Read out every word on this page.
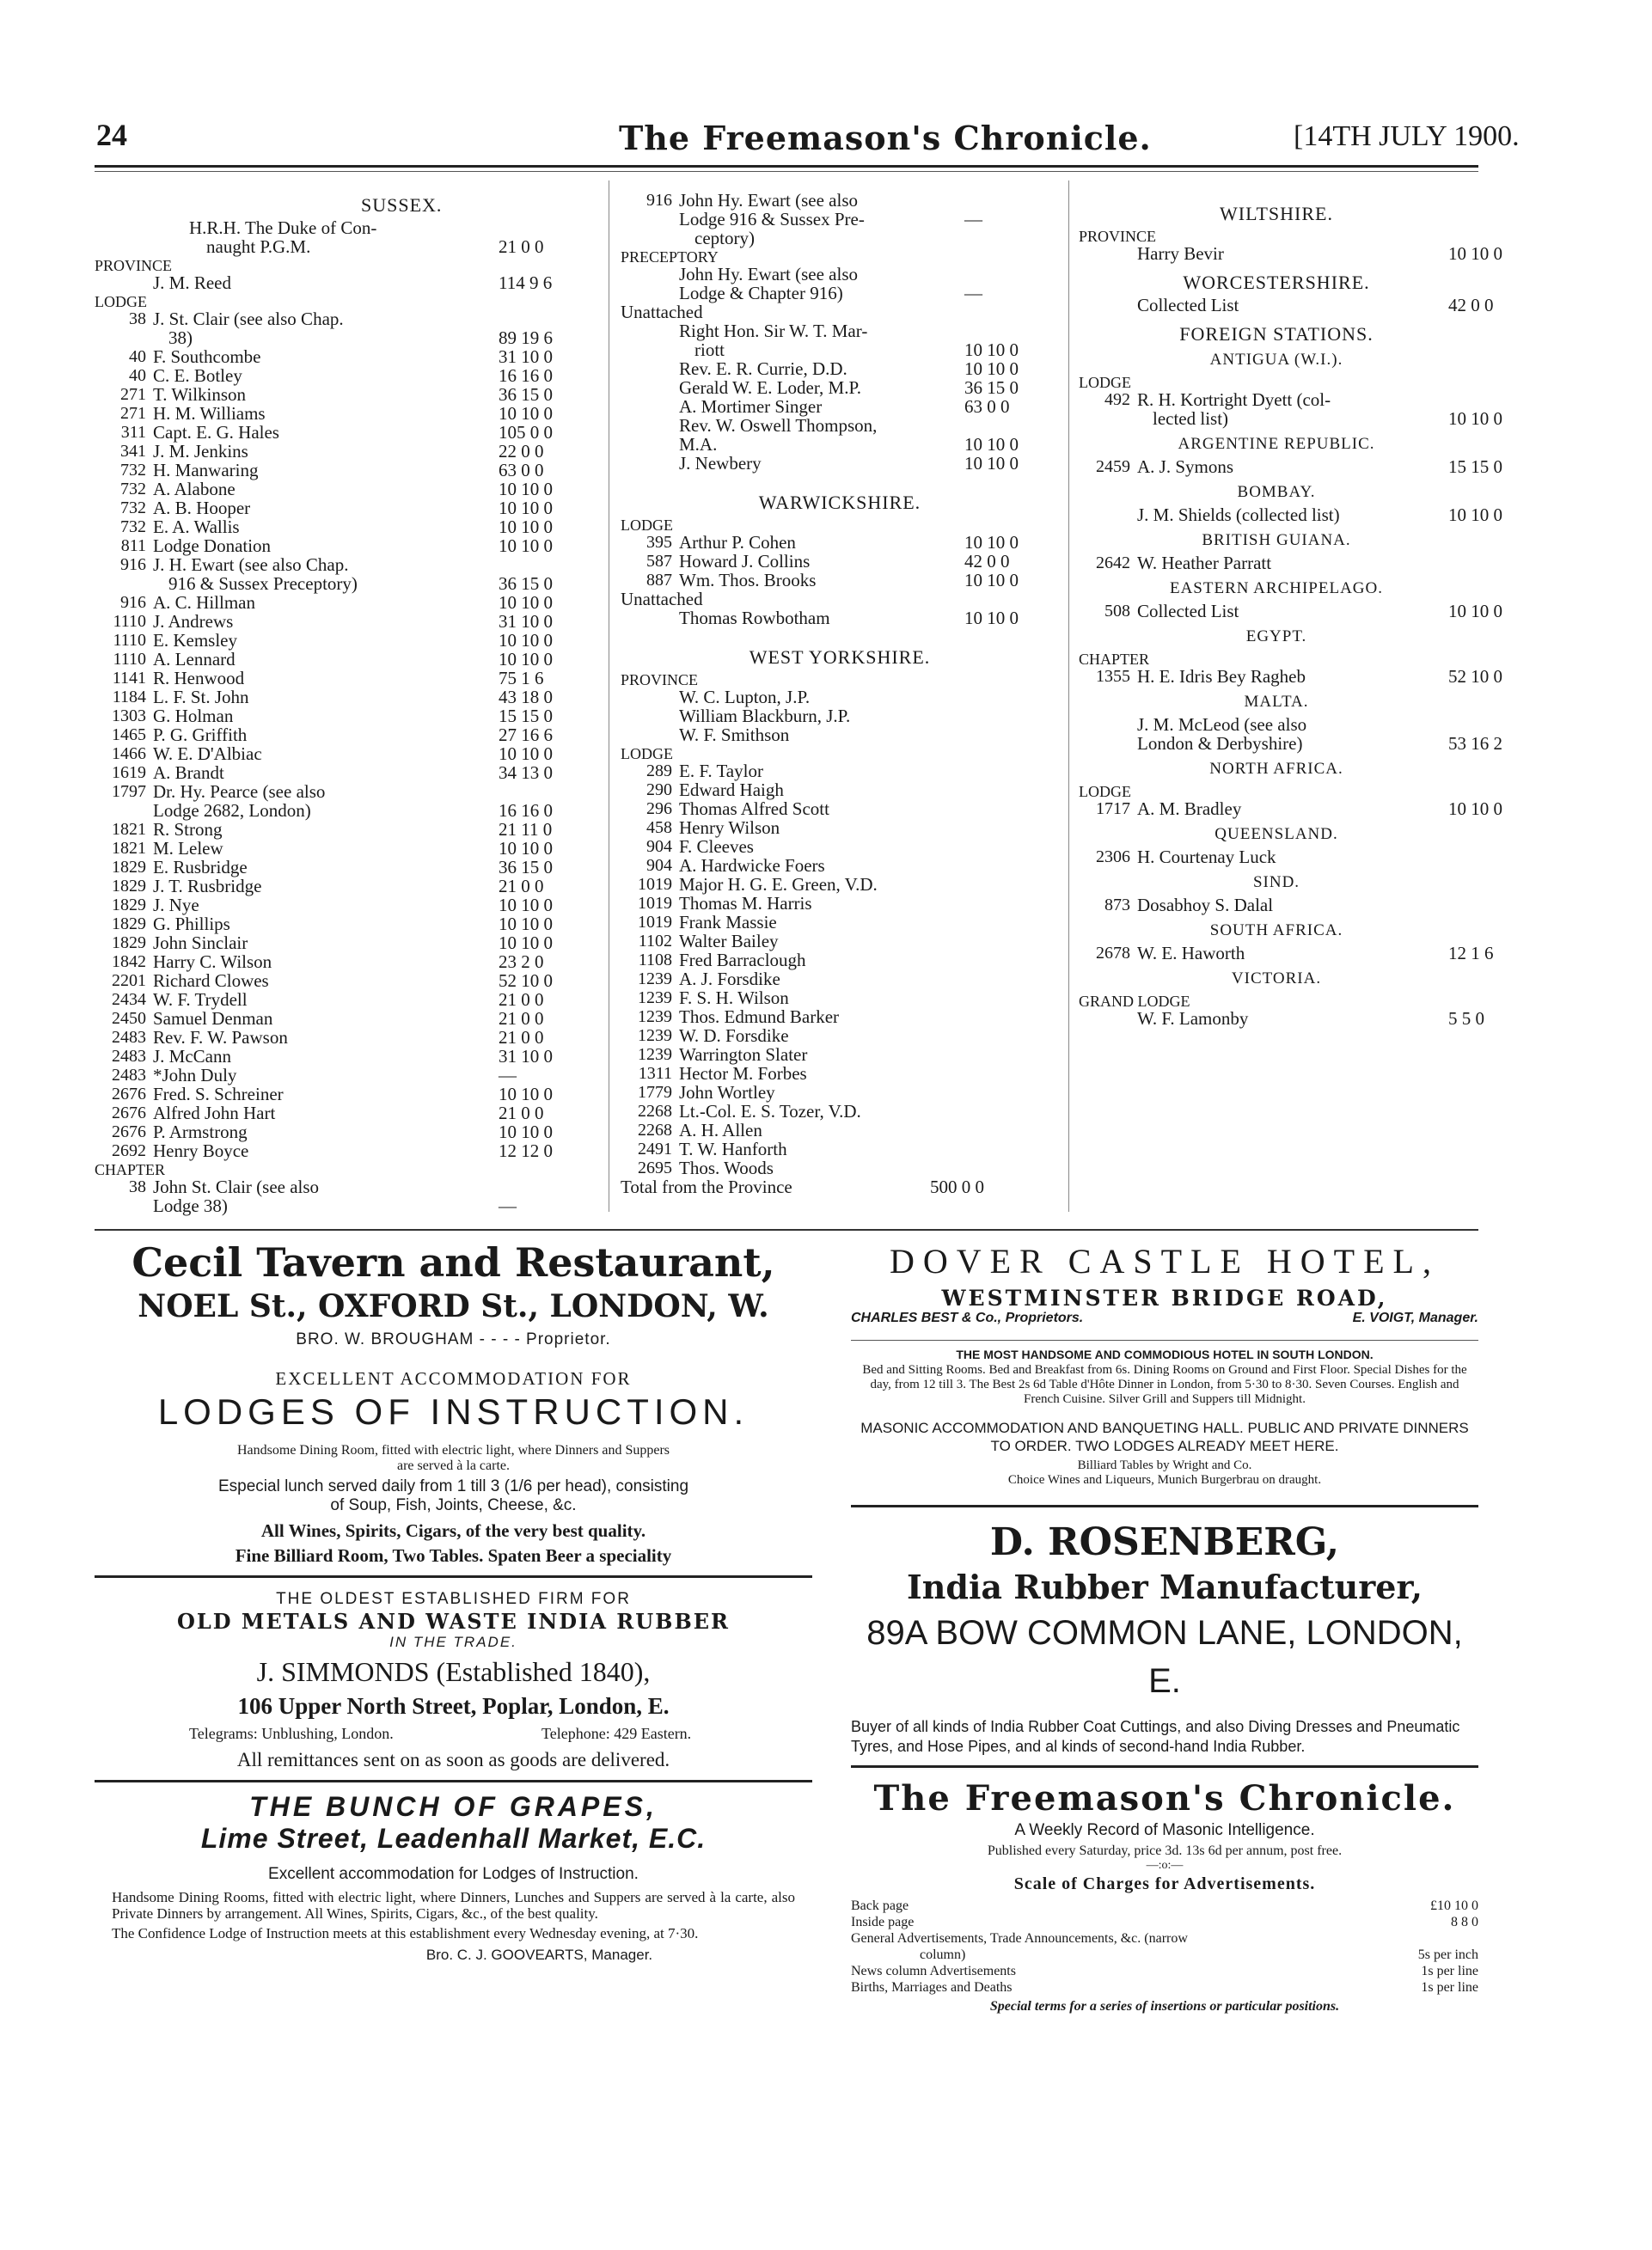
24	The Freemason's Chronicle.	[14TH JULY 1900.
SUSSEX.
H.R.H. The Duke of Con-
naught P.G.M.	21 0 0
PROVINCE
J. M. Reed	114 9 6
LODGE
38 J. St. Clair (see also Chap.
38)	89 19 6
40 F. Southcombe	31 10 0
40 C. E. Botley	16 16 0
271 T. Wilkinson	36 15 0
271 H. M. Williams	10 10 0
311 Capt. E. G. Hales	105 0 0
341 J. M. Jenkins	22 0 0
732 H. Manwaring	63 0 0
732 A. Alabone	10 10 0
732 A. B. Hooper	10 10 0
732 E. A. Wallis	10 10 0
811 Lodge Donation	10 10 0
916 J. H. Ewart (see also Chap.
916 & Sussex Preceptory)	36 15 0
916 A. C. Hillman	10 10 0
1110 J. Andrews	31 10 0
1110 E. Kemsley	10 10 0
1110 A. Lennard	10 10 0
1141 R. Henwood	75 1 6
1184 L. F. St. John	43 18 0
1303 G. Holman	15 15 0
1465 P. G. Griffith	27 16 6
1466 W. E. D'Albiac	10 10 0
1619 A. Brandt	34 13 0
1797 Dr. Hy. Pearce (see also
Lodge 2682, London)	16 16 0
1821 R. Strong	21 11 0
1821 M. Lelew	10 10 0
1829 E. Rusbridge	36 15 0
1829 J. T. Rusbridge	21 0 0
1829 J. Nye	10 10 0
1829 G. Phillips	10 10 0
1829 John Sinclair	10 10 0
1842 Harry C. Wilson	23 2 0
2201 Richard Clowes	52 10 0
2434 W. F. Trydell	21 0 0
2450 Samuel Denman	21 0 0
2483 Rev. F. W. Pawson	21 0 0
2483 J. McCann	31 10 0
2483 *John Duly	—
2676 Fred. S. Schreiner	10 10 0
2676 Alfred John Hart	21 0 0
2676 P. Armstrong	10 10 0
2692 Henry Boyce	12 12 0
CHAPTER
38 John St. Clair (see also
Lodge 38)	—
916 John Hy. Ewart (see also
Lodge 916 & Sussex Pre-	—
ceptory)
PRECEPTORY
John Hy. Ewart (see also
Lodge & Chapter 916)	—
Unattached
Right Hon. Sir W. T. Mar-
riott	10 10 0
Rev. E. R. Currie, D.D.	10 10 0
Gerald W. E. Loder, M.P.	36 15 0
A. Mortimer Singer	63 0 0
Rev. W. Oswell Thompson,
M.A.	10 10 0
J. Newbery	10 10 0
WARWICKSHIRE.
LODGE
395 Arthur P. Cohen	10 10 0
587 Howard J. Collins	42 0 0
887 Wm. Thos. Brooks	10 10 0
Unattached
Thomas Rowbotham	10 10 0
WEST YORKSHIRE.
PROVINCE
W. C. Lupton, J.P.
William Blackburn, J.P.
W. F. Smithson
LODGE
289 E. F. Taylor
290 Edward Haigh
296 Thomas Alfred Scott
458 Henry Wilson
904 F. Cleeves
904 A. Hardwicke Foers
1019 Major H. G. E. Green, V.D.
1019 Thomas M. Harris
1019 Frank Massie
1102 Walter Bailey
1108 Fred Barraclough
1239 A. J. Forsdike
1239 F. S. H. Wilson
1239 Thos. Edmund Barker
1239 W. D. Forsdike
1239 Warrington Slater
1311 Hector M. Forbes
1779 John Wortley
2268 Lt.-Col. E. S. Tozer, V.D.
2268 A. H. Allen
2491 T. W. Hanforth
2695 Thos. Woods
Total from the Province	500 0 0
WILTSHIRE.
PROVINCE
Harry Bevir	10 10 0
WORCESTERSHIRE.
Collected List	42 0 0
FOREIGN STATIONS.
ANTIGUA (W.I.).
LODGE
492 R. H. Kortright Dyett (col-
lected list)	10 10 0
ARGENTINE REPUBLIC.
2459 A. J. Symons	15 15 0
BOMBAY.
J. M. Shields (collected list)	10 10 0
BRITISH GUIANA.
2642 W. Heather Parratt
EASTERN ARCHIPELAGO.
508 Collected List	10 10 0
EGYPT.
CHAPTER
1355 H. E. Idris Bey Ragheb	52 10 0
MALTA.
J. M. McLeod (see also
London & Derbyshire)	53 16 2
NORTH AFRICA.
LODGE
1717 A. M. Bradley	10 10 0
QUEENSLAND.
2306 H. Courtenay Luck
SIND.
873 Dosabhoy S. Dalal
SOUTH AFRICA.
2678 W. E. Haworth	12 1 6
VICTORIA.
GRAND LODGE
W. F. Lamonby	5 5 0
Cecil Tavern and Restaurant,
NOEL St., OXFORD St., LONDON, W.
BRO. W. BROUGHAM - - - - Proprietor.
EXCELLENT ACCOMMODATION FOR
LODGES OF INSTRUCTION.
Handsome Dining Room, fitted with electric light, where Dinners and Suppers
are served à la carte.
Especial lunch served daily from 1 till 3 (1/6 per head), consisting
of Soup, Fish, Joints, Cheese, &c.
All Wines, Spirits, Cigars, of the very best quality.
Fine Billiard Room, Two Tables. Spaten Beer a speciality
THE OLDEST ESTABLISHED FIRM FOR
OLD METALS AND WASTE INDIA RUBBER
IN THE TRADE.
J. SIMMONDS (Established 1840),
106 Upper North Street, Poplar, London, E.
Telegrams: Unblushing, London.	Telephone: 429 Eastern.
All remittances sent on as soon as goods are delivered.
THE BUNCH OF GRAPES,
Lime Street, Leadenhall Market, E.C.
Excellent accommodation for Lodges of Instruction.
Handsome Dining Rooms, fitted with electric light, where Dinners, Lunches and Suppers are served à la carte, also Private Dinners by arrangement. All Wines, Spirits, Cigars, &c., of the best quality.
The Confidence Lodge of Instruction meets at this establishment every Wednesday evening, at 7·30.
Bro. C. J. GOOVEARTS, Manager.
DOVER CASTLE HOTEL,
WESTMINSTER BRIDGE ROAD,
CHARLES BEST & Co., Proprietors.	E. VOIGT, Manager.
THE MOST HANDSOME AND COMMODIOUS HOTEL IN SOUTH LONDON.
Bed and Sitting Rooms. Bed and Breakfast from 6s. Dining Rooms on Ground and First Floor. Special Dishes for the day, from 12 till 3. The Best 2s 6d Table d'Hôte Dinner in London, from 5·30 to 8·30. Seven Courses. English and French Cuisine. Silver Grill and Suppers till Midnight.
MASONIC ACCOMMODATION AND BANQUETING HALL. PUBLIC AND PRIVATE DINNERS TO ORDER. TWO LODGES ALREADY MEET HERE.
Billiard Tables by Wright and Co.
Choice Wines and Liqueurs, Munich Burgerbrau on draught.
D. ROSENBERG,
India Rubber Manufacturer,
89A BOW COMMON LANE, LONDON, E.
Buyer of all kinds of India Rubber Coat Cuttings, and also Diving Dresses and Pneumatic Tyres, and Hose Pipes, and al kinds of second-hand India Rubber.
The Freemason's Chronicle.
A Weekly Record of Masonic Intelligence.
Published every Saturday, price 3d. 13s 6d per annum, post free.
—:o:—
Scale of Charges for Advertisements.
Back page	£10 10 0
Inside page	8 8 0
General Advertisements, Trade Announcements, &c. (narrow
column)	5s per inch
News column Advertisements	1s per line
Births, Marriages and Deaths	1s per line
Special terms for a series of insertions or particular positions.
